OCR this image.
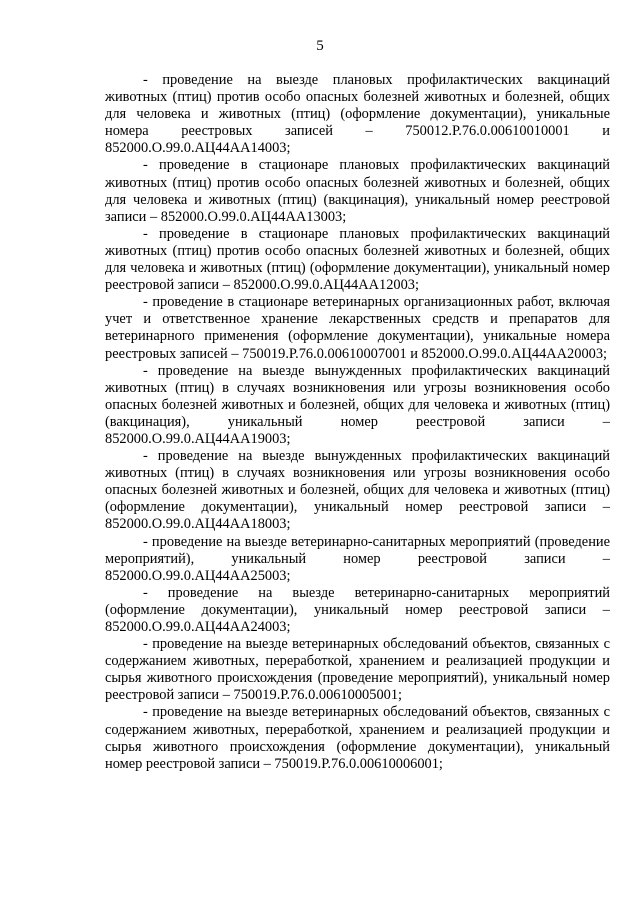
5

- проведение на выезде плановых профилактических вакцинаций животных (птиц) против особо опасных болезней животных и болезней, общих для человека и животных (птиц) (оформление документации), уникальные номера реестровых записей – 750012.Р.76.0.00610010001 и 852000.О.99.0.АЦ44АА14003;

- проведение в стационаре плановых профилактических вакцинаций животных (птиц) против особо опасных болезней животных и болезней, общих для человека и животных (птиц) (вакцинация), уникальный номер реестровой записи – 852000.О.99.0.АЦ44АА13003;

- проведение в стационаре плановых профилактических вакцинаций животных (птиц) против особо опасных болезней животных и болезней, общих для человека и животных (птиц) (оформление документации), уникальный номер реестровой записи – 852000.О.99.0.АЦ44АА12003;

- проведение в стационаре ветеринарных организационных работ, включая учет и ответственное хранение лекарственных средств и препаратов для ветеринарного применения (оформление документации), уникальные номера реестровых записей – 750019.Р.76.0.00610007001 и 852000.О.99.0.АЦ44АА20003;

- проведение на выезде вынужденных профилактических вакцинаций животных (птиц) в случаях возникновения или угрозы возникновения особо опасных болезней животных и болезней, общих для человека и животных (птиц) (вакцинация), уникальный номер реестровой записи – 852000.О.99.0.АЦ44АА19003;

- проведение на выезде вынужденных профилактических вакцинаций животных (птиц) в случаях возникновения или угрозы возникновения особо опасных болезней животных и болезней, общих для человека и животных (птиц) (оформление документации), уникальный номер реестровой записи – 852000.О.99.0.АЦ44АА18003;

- проведение на выезде ветеринарно-санитарных мероприятий (проведение мероприятий), уникальный номер реестровой записи – 852000.О.99.0.АЦ44АА25003;

- проведение на выезде ветеринарно-санитарных мероприятий (оформление документации), уникальный номер реестровой записи – 852000.О.99.0.АЦ44АА24003;

- проведение на выезде ветеринарных обследований объектов, связанных с содержанием животных, переработкой, хранением и реализацией продукции и сырья животного происхождения (проведение мероприятий), уникальный номер реестровой записи – 750019.Р.76.0.00610005001;

- проведение на выезде ветеринарных обследований объектов, связанных с содержанием животных, переработкой, хранением и реализацией продукции и сырья животного происхождения (оформление документации), уникальный номер реестровой записи – 750019.Р.76.0.00610006001;
